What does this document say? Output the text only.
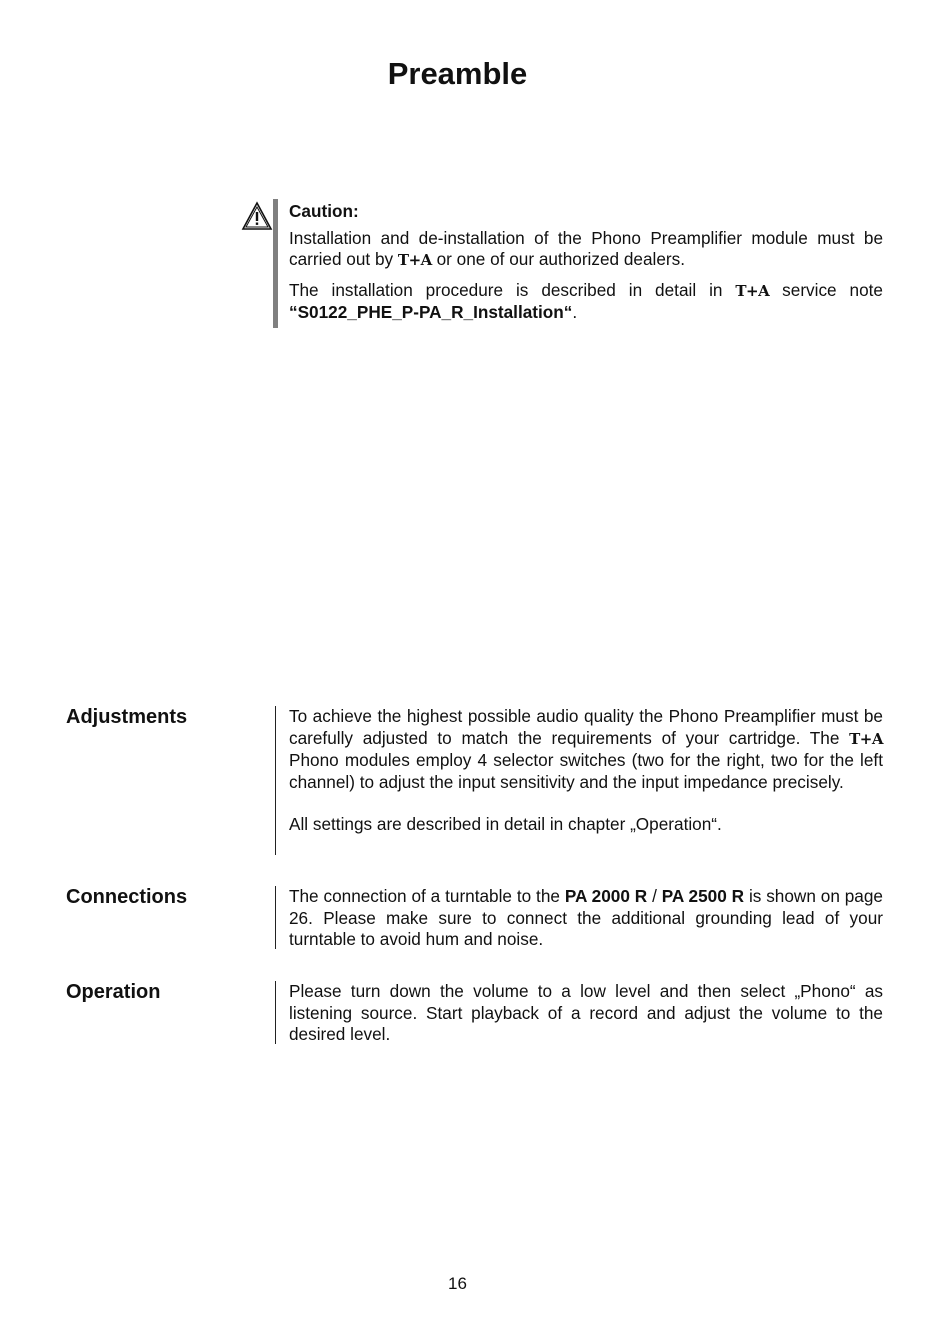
Preamble
Caution:

Installation and de-installation of the Phono Preamplifier module must be carried out by T+A or one of our authorized dealers.

The installation procedure is described in detail in T+A service note “S0122_PHE_P-PA_R_Installation“.

Adjustments	To achieve the highest possible audio quality the Phono Preamplifier must be carefully adjusted to match the requirements of your cartridge. The T+A Phono modules employ 4 selector switches (two for the right, two for the left channel) to adjust the input sensitivity and the input impedance precisely.

All settings are described in detail in chapter „Operation“.

Connections	The connection of a turntable to the PA 2000 R / PA 2500 R is shown on page 26. Please make sure to connect the additional grounding lead of your turntable to avoid hum and noise.

Operation	Please turn down the volume to a low level and then select „Phono“ as listening source. Start playback of a record and adjust the volume to the desired level.

16
